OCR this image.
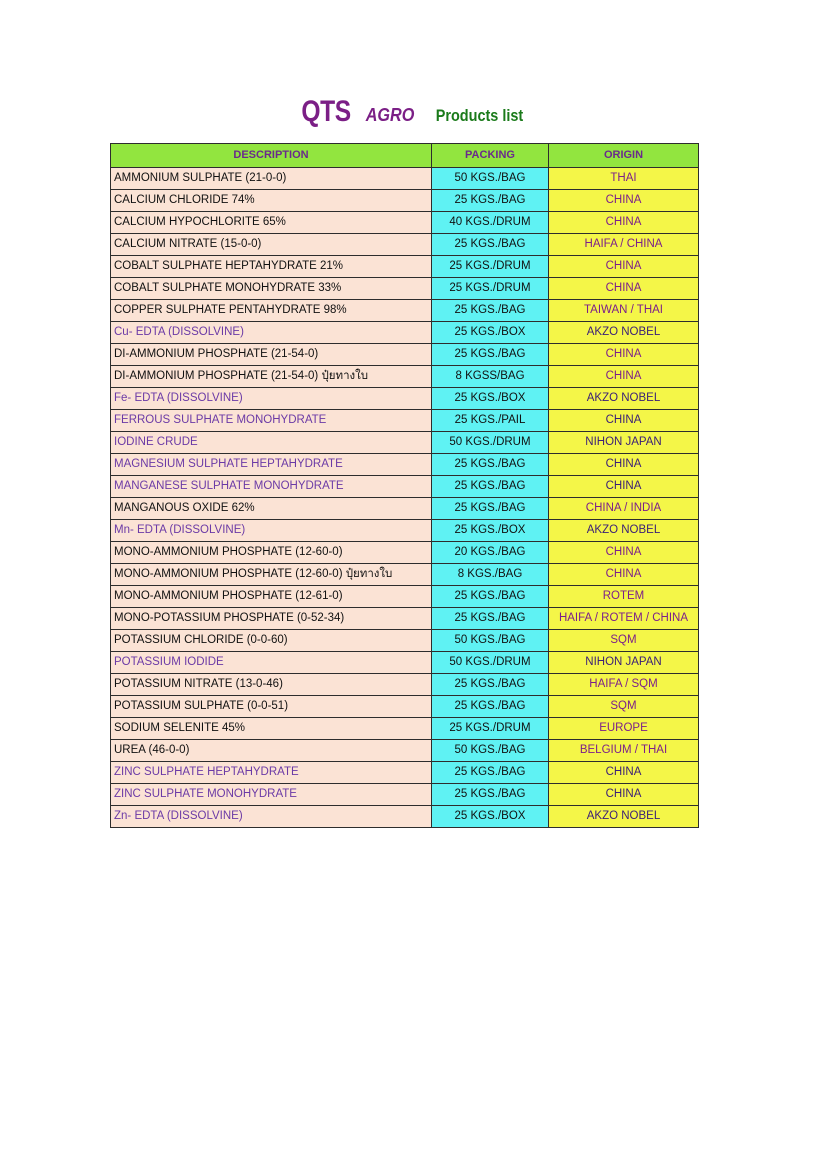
QTS AGRO Products list
DESCRIPTION	PACKING	ORIGIN
AMMONIUM SULPHATE (21-0-0)	50 KGS./BAG	THAI
CALCIUM CHLORIDE 74%	25 KGS./BAG	CHINA
CALCIUM HYPOCHLORITE 65%	40 KGS./DRUM	CHINA
CALCIUM NITRATE (15-0-0)	25 KGS./BAG	HAIFA / CHINA
COBALT SULPHATE HEPTAHYDRATE 21%	25 KGS./DRUM	CHINA
COBALT SULPHATE MONOHYDRATE 33%	25 KGS./DRUM	CHINA
COPPER SULPHATE PENTAHYDRATE 98%	25 KGS./BAG	TAIWAN / THAI
Cu- EDTA (DISSOLVINE)	25 KGS./BOX	AKZO NOBEL
DI-AMMONIUM PHOSPHATE (21-54-0)	25 KGS./BAG	CHINA
DI-AMMONIUM PHOSPHATE (21-54-0) ปุ๋ยทางใบ	8 KGSS/BAG	CHINA
Fe- EDTA (DISSOLVINE)	25 KGS./BOX	AKZO NOBEL
FERROUS SULPHATE MONOHYDRATE	25 KGS./PAIL	CHINA
IODINE CRUDE	50 KGS./DRUM	NIHON JAPAN
MAGNESIUM SULPHATE HEPTAHYDRATE	25 KGS./BAG	CHINA
MANGANESE SULPHATE MONOHYDRATE	25 KGS./BAG	CHINA
MANGANOUS OXIDE 62%	25 KGS./BAG	CHINA / INDIA
Mn- EDTA (DISSOLVINE)	25 KGS./BOX	AKZO NOBEL
MONO-AMMONIUM PHOSPHATE (12-60-0)	20 KGS./BAG	CHINA
MONO-AMMONIUM PHOSPHATE (12-60-0) ปุ๋ยทางใบ	8 KGS./BAG	CHINA
MONO-AMMONIUM PHOSPHATE (12-61-0)	25 KGS./BAG	ROTEM
MONO-POTASSIUM PHOSPHATE (0-52-34)	25 KGS./BAG	HAIFA / ROTEM / CHINA
POTASSIUM CHLORIDE (0-0-60)	50 KGS./BAG	SQM
POTASSIUM IODIDE	50 KGS./DRUM	NIHON JAPAN
POTASSIUM NITRATE (13-0-46)	25 KGS./BAG	HAIFA / SQM
POTASSIUM SULPHATE (0-0-51)	25 KGS./BAG	SQM
SODIUM SELENITE 45%	25 KGS./DRUM	EUROPE
UREA (46-0-0)	50 KGS./BAG	BELGIUM / THAI
ZINC SULPHATE HEPTAHYDRATE	25 KGS./BAG	CHINA
ZINC SULPHATE MONOHYDRATE	25 KGS./BAG	CHINA
Zn- EDTA (DISSOLVINE)	25 KGS./BOX	AKZO NOBEL
